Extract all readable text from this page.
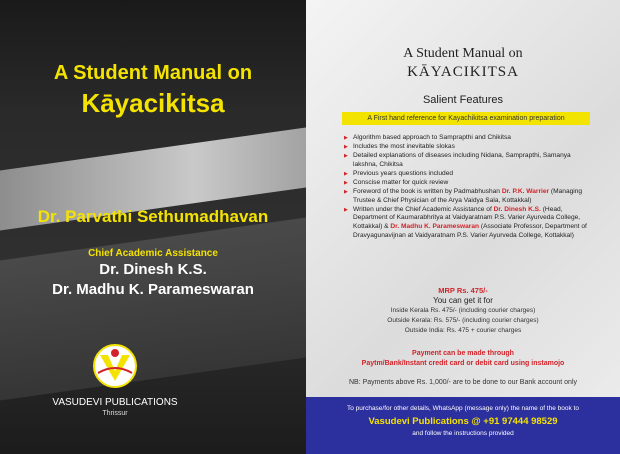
A Student Manual on
Kāyacikitsa
Dr. Parvathi Sethumadhavan
Chief Academic Assistance
Dr. Dinesh K.S.
Dr. Madhu K. Parameswaran
VASUDEVI PUBLICATIONS
Thrissur
A Student Manual on
KĀYACIKITSA
Salient Features
A First hand reference for Kayachikitsa examination preparation
▶ Algorithm based approach to Samprapthi and Chikitsa
▶ Includes the most inevitable slokas
▶ Detailed explanations of diseases including Nidana, Samprapthi, Samanya lakshna, Chikitsa
▶ Previous years questions included
▶ Conscise matter for quick review
▶ Foreword of the book is written by Padmabhushan Dr. P.K. Warrier (Managing Trustee & Chief Physician of the Arya Vaidya Sala, Kottakkal)
▶ Written under the Chief Academic Assistance of Dr. Dinesh K.S. (Head, Department of Kaumarabhritya at Vaidyaratnam P.S. Varier Ayurveda College, Kottakkal) & Dr. Madhu K. Parameswaran (Associate Professor, Department of Dravyagunavijnan at Vaidyaratnam P.S. Varier Ayurveda College, Kottakkal)
MRP Rs. 475/-
You can get it for
Inside Kerala Rs. 475/- (including courier charges)
Outside Kerala: Rs. 575/- (including courier charges)
Outside India: Rs. 475 + courier charges
Payment can be made through
Paytm/Bank/Instant credit card or debit card using instamojo
NB: Payments above Rs. 1,000/- are to be done to our Bank account only
To purchase/for other details, WhatsApp (message only) the name of the book to
Vasudevi Publications @ +91 97444 98529
and follow the instructions provided
